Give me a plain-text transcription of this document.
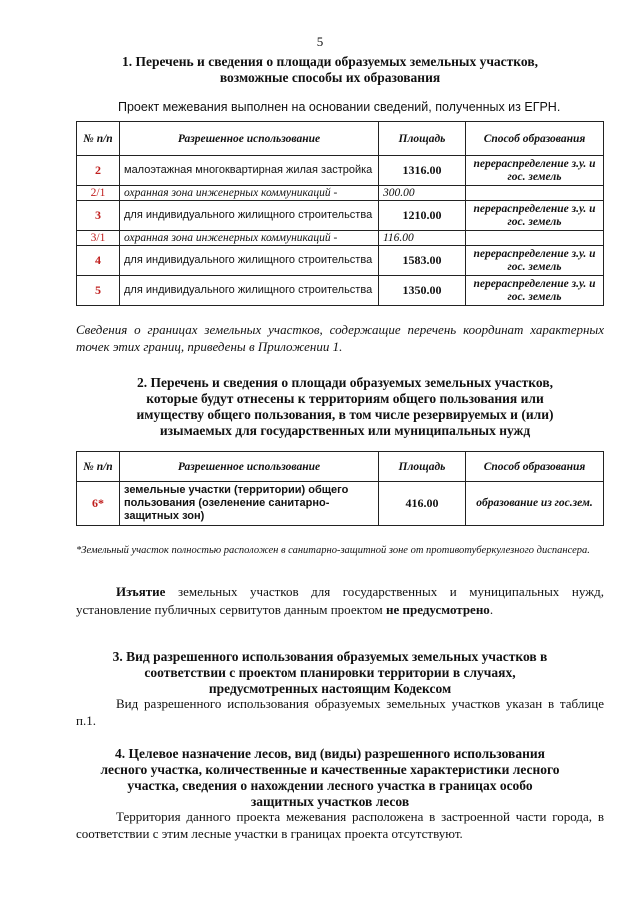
5
1. Перечень и сведения о площади образуемых земельных участков, возможные способы их образования
Проект межевания выполнен на основании сведений, полученных из ЕГРН.
№ п/п	Разрешенное использование	Площадь	Способ образования
2	малоэтажная многоквартирная жилая застройка	1316.00	перераспределение з.у. и гос. земель
2/1	охранная зона инженерных коммуникаций -	300.00	
3	для индивидуального жилищного строительства	1210.00	перераспределение з.у. и гос. земель
3/1	охранная зона инженерных коммуникаций -	116.00	
4	для индивидуального жилищного строительства	1583.00	перераспределение з.у. и гос. земель
5	для индивидуального жилищного строительства	1350.00	перераспределение з.у. и гос. земель
Сведения о границах земельных участков, содержащие перечень координат характерных точек этих границ, приведены в Приложении 1.
2. Перечень и сведения о площади образуемых земельных участков, которые будут отнесены к территориям общего пользования или имуществу общего пользования, в том числе резервируемых и (или) изымаемых для государственных или муниципальных нужд
№ п/п	Разрешенное использование	Площадь	Способ образования
6*	земельные участки (территории) общего пользования (озеленение санитарно-защитных зон)	416.00	образование из гос.зем.
*Земельный участок полностью расположен в санитарно-защитной зоне от противотуберкулезного диспансера.
Изъятие земельных участков для государственных и муниципальных нужд, установление публичных сервитутов данным проектом не предусмотрено.
3. Вид разрешенного использования образуемых земельных участков в соответствии с проектом планировки территории в случаях, предусмотренных настоящим Кодексом
Вид разрешенного использования образуемых земельных участков указан в таблице п.1.
4. Целевое назначение лесов, вид (виды) разрешенного использования лесного участка, количественные и качественные характеристики лесного участка, сведения о нахождении лесного участка в границах особо защитных участков лесов
Территория данного проекта межевания расположена в застроенной части города, в соответствии с этим лесные участки в границах проекта отсутствуют.
